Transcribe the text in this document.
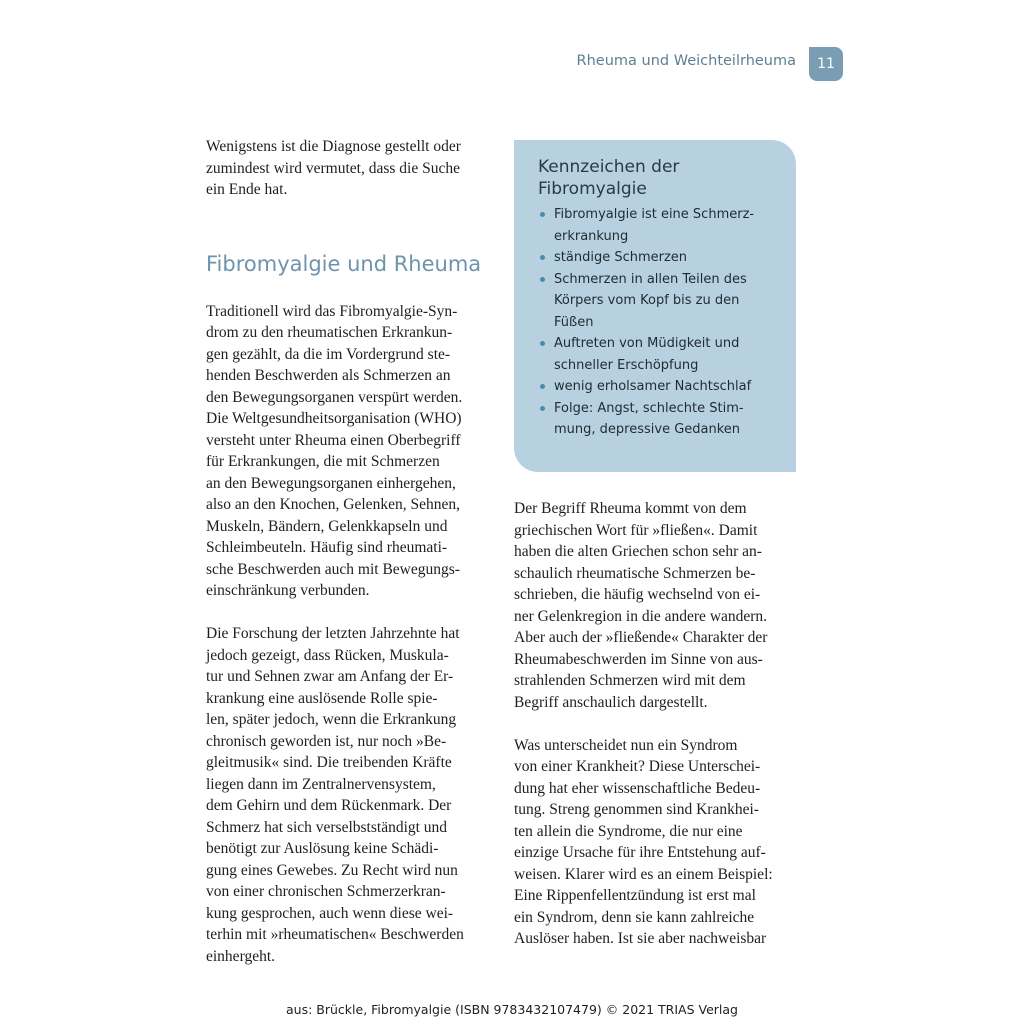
Rheuma und Weichteilrheuma	11

Wenigstens ist die Diagnose gestellt oder

zumindest wird vermutet, dass die Suche

ein Ende hat.

Fibromyalgie und Rheuma

Traditionell wird das Fibromyalgie-Syn-

drom zu den rheumatischen Erkrankun-

gen gezählt, da die im Vordergrund ste-

henden Beschwerden als Schmerzen an

den Bewegungsorganen verspürt werden.

Die Weltgesundheitsorganisation (WHO)

versteht unter Rheuma einen Oberbegriff

für Erkrankungen, die mit Schmerzen

an den Bewegungsorganen einhergehen,

also an den Knochen, Gelenken, Sehnen,

Muskeln, Bändern, Gelenkkapseln und

Schleimbeuteln. Häufig sind rheumati-

sche Beschwerden auch mit Bewegungs-

einschränkung verbunden.

Die Forschung der letzten Jahrzehnte hat

jedoch gezeigt, dass Rücken, Muskula-

tur und Sehnen zwar am Anfang der Er-

krankung eine auslösende Rolle spie-

len, später jedoch, wenn die Erkrankung

chronisch geworden ist, nur noch »Be-

gleitmusik« sind. Die treibenden Kräfte

liegen dann im Zentralnervensystem,

dem Gehirn und dem Rückenmark. Der

Schmerz hat sich verselbstständigt und

benötigt zur Auslösung keine Schädi-

gung eines Gewebes. Zu Recht wird nun

von einer chronischen Schmerzerkran-

kung gesprochen, auch wenn diese wei-

terhin mit »rheumatischen« Beschwerden

einhergeht.

Kennzeichen der
Fibromyalgie
Fibromyalgie ist eine Schmerz-
erkrankung
ständige Schmerzen
Schmerzen in allen Teilen des
Körpers vom Kopf bis zu den
Füßen
Auftreten von Müdigkeit und
schneller Erschöpfung
wenig erholsamer Nachtschlaf
Folge: Angst, schlechte Stim-
mung, depressive Gedanken

Der Begriff Rheuma kommt von dem

griechischen Wort für »fließen«. Damit

haben die alten Griechen schon sehr an-

schaulich rheumatische Schmerzen be-

schrieben, die häufig wechselnd von ei-

ner Gelenkregion in die andere wandern.

Aber auch der »fließende« Charakter der

Rheumabeschwerden im Sinne von aus-

strahlenden Schmerzen wird mit dem

Begriff anschaulich dargestellt.

Was unterscheidet nun ein Syndrom

von einer Krankheit? Diese Unterschei-

dung hat eher wissenschaftliche Bedeu-

tung. Streng genommen sind Krankhei-

ten allein die Syndrome, die nur eine

einzige Ursache für ihre Entstehung auf-

weisen. Klarer wird es an einem Beispiel:

Eine Rippenfellentzündung ist erst mal

ein Syndrom, denn sie kann zahlreiche

Auslöser haben. Ist sie aber nachweisbar

aus: Brückle, Fibromyalgie (ISBN 9783432107479) © 2021 TRIAS Verlag
